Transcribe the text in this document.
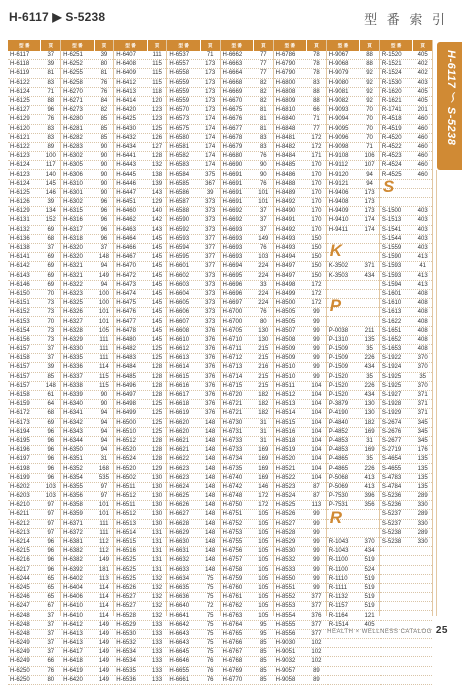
H-6117 ▶ S-5238	型 番 索 引
型 番	頁
H-6117	37
H-6118	39
H-6119	81
H-6122	83
H-6124	71
H-6125	88
H-6127	96
H-6129	76
H-6120	83
H-6121	83
H-6122	89
H-6123	100
H-6124	117
H-6123	140
H-6124	145
H-6125	146
H-6126	39
H-6129	134
H-6131	152
H-6132	69
H-6136	68
H-6138	37
H-6141	69
H-6142	69
H-6143	69
H-6146	69
H-6150	70
H-6151	73
H-6152	73
H-6153	70
H-6154	73
H-6156	73
H-6157	37
H-6158	37
H-6157	39
H-6157	85
H-6157	148
H-6158	61
H-6159	64
H-6172	68
H-6173	69
H-6194	96
H-6195	96
H-6196	96
H-6197	96
H-6198	96
H-6199	96
H-6202	103
H-6203	103
H-6210	97
H-6211	97
H-6212	97
H-6213	97
H-6214	96
H-6215	96
H-6216	96
H-6217	96
H-6244	65
H-6245	65
H-6246	65
H-6247	67
H-6248	37
H-6248	37
H-6248	37
H-6249	37
H-6249	37
H-6249	66
H-6250	76
H-6250	80
型 番	頁
H-6251	39
H-6252	80
H-6255	81
H-6258	76
H-6270	76
H-6271	84
H-6273	82
H-6280	85
H-6281	85
H-6282	85
H-6283	90
H-6302	90
H-6305	90
H-6306	90
H-6310	90
H-6301	90
H-6302	96
H-6315	96
H-6316	96
H-6317	96
H-6318	96
H-6320	37
H-6320	148
H-6321	94
H-6321	149
H-6322	94
H-6323	100
H-6325	100
H-6326	101
H-6327	101
H-6328	105
H-6329	111
H-6330	111
H-6335	111
H-6336	114
H-6337	115
H-6338	115
H-6339	90
H-6340	90
H-6341	94
H-6342	94
H-6343	94
H-6344	94
H-6350	94
H-6351	31
H-6352	168
H-6354	535
H-6355	97
H-6356	97
H-6358	101
H-6359	101
H-6371	111
H-6372	111
H-6381	112
H-6382	112
H-6382	149
H-6392	181
H-6402	113
H-6404	114
H-6406	114
H-6410	114
H-6410	114
H-6412	149
H-6413	149
H-6413	149
H-6417	149
H-6418	149
H-6419	149
H-6420	149
型 番	頁
H-6407	111
H-6408	115
H-6409	115
H-6412	115
H-6413	118
H-6414	120
H-6420	123
H-6425	123
H-6430	125
H-6432	126
H-6434	127
H-6441	128
H-6443	132
H-6445	138
H-6446	139
H-6447	143
H-6451	129
H-6460	140
H-6462	142
H-6463	143
H-6464	145
H-6466	145
H-6467	145
H-6470	145
H-6472	145
H-6473	145
H-6474	145
H-6475	145
H-6476	145
H-6477	145
H-6478	145
H-6480	145
H-6482	125
H-6483	125
H-6484	128
H-6485	128
H-6496	128
H-6497	128
H-6498	125
H-6499	125
H-6500	125
H-6510	125
H-6512	128
H-6520	128
H-6524	128
H-6520	129
H-6502	130
H-6511	130
H-6512	130
H-6511	130
H-6512	130
H-6513	130
H-6514	131
H-6515	131
H-6516	131
H-6525	131
H-6525	131
H-6525	132
H-6526	132
H-6527	132
H-6527	132
H-6528	132
H-6529	133
H-6530	133
H-6532	133
H-6534	133
H-6534	133
H-6535	133
H-6536	133
型 番	頁
H-6537	71
H-6557	173
H-6558	173
H-6559	173
H-6559	173
H-6559	173
H-6570	173
H-6573	174
H-6575	174
H-6580	174
H-6581	174
H-6582	174
H-6583	174
H-6584	375
H-6585	367
H-6586	39
H-6587	373
H-6588	373
H-6590	373
H-6592	373
H-6593	377
H-6594	377
H-6595	377
H-6601	377
H-6602	373
H-6603	373
H-6604	373
H-6605	373
H-6606	373
H-6607	373
H-6608	376
H-6610	376
H-6612	376
H-6613	376
H-6614	376
H-6615	376
H-6616	376
H-6617	376
H-6618	376
H-6619	376
H-6620	148
H-6620	148
H-6621	148
H-6621	148
H-6622	148
H-6623	148
H-6623	148
H-6624	148
H-6625	148
H-6626	148
H-6627	148
H-6628	148
H-6629	148
H-6630	148
H-6631	148
H-6632	148
H-6633	148
H-6634	75
H-6635	75
H-6636	75
H-6640	72
H-6641	75
H-6642	75
H-6643	75
H-6643	75
H-6645	75
H-6646	76
H-6655	76
H-6661	76
型 番	頁
H-6662	77
H-6663	77
H-6664	77
H-6668	82
H-6669	82
H-6670	82
H-6675	81
H-6676	81
H-6677	81
H-6678	83
H-6679	83
H-6680	76
H-6690	90
H-6691	90
H-6691	76
H-6691	101
H-6691	101
H-6692	37
H-6692	37
H-6693	37
H-6693	149
H-6693	76
H-6693	103
H-6694	224
H-6695	224
H-6696	33
H-6696	224
H-6697	224
H-6700	76
H-6700	80
H-6705	130
H-6710	130
H-6711	215
H-6712	215
H-6713	216
H-6714	215
H-6715	215
H-6720	182
H-6721	182
H-6721	182
H-6730	31
H-6731	31
H-6733	31
H-6733	169
H-6734	169
H-6735	169
H-6740	169
H-6742	146
H-6748	172
H-6750	172
H-6751	105
H-6752	105
H-6753	105
H-6755	105
H-6756	105
H-6757	105
H-6758	105
H-6759	105
H-6760	105
H-6761	105
H-6762	105
H-6763	105
H-6764	95
H-6765	95
H-6766	85
H-6767	85
H-6768	85
H-6769	85
H-6770	85
型 番	頁
H-6786	78
H-6790	78
H-6790	78
H-6800	83
H-6808	88
H-6809	88
H-6810	66
H-6840	71
H-6848	77
H-8481	172
H-8482	172
H-8484	171
H-8485	170
H-8486	170
H-8488	170
H-8489	170
H-8492	170
H-8490	170
H-8491	170
H-8492	170
H-8493	150
H-8493	150
H-8494	150
H-8497	150
H-8497	150
H-8498	172
H-8499	172
H-8500	172
H-8505	99
H-8505	99
H-8507	99
H-8508	99
H-8509	99
H-8509	99
H-8510	99
H-8510	99
H-8511	104
H-8512	104
H-8513	104
H-8514	104
H-8515	104
H-8516	104
H-8518	104
H-8519	104
H-8520	104
H-8521	104
H-8522	104
H-8523	87
H-8524	87
H-8525	113
H-8526	99
H-8527	99
H-8528	99
H-8529	99
H-8530	99
H-8532	99
H-8533	99
H-8550	99
H-8551	99
H-8552	377
H-8553	377
H-8554	376
H-8555	377
H-8556	377
H-9030	102
H-9051	102
H-9032	102
H-9057	89
H-9058	89
型 番	頁
H-9067	88
H-9068	88
H-9079	92
H-9080	92
H-9081	92
H-9082	92
H-9093	70
H-9094	70
H-9095	70
H-9096	70
H-9098	71
H-9108	106
H-9112	107
H-9120	94
H-9121	94
H-9406	173
H-9408	173
H-9409	173
H-9410	174
H-9411	174
K-3502	371
K-3503	434
P-0038	211
P-1310	135
P-1509	35
P-1509	226
P-1509	434
P-1520	35
P-1520	226
P-1520	434
P-3879	130
P-4190	130
P-4840	182
P-4852	169
P-4853	31
P-4853	169
P-4865	35
P-4865	226
P-5068	413
P-5069	413
P-7530	396
P-7531	356
R-1043	370
R-1043	434
R-1100	519
R-1100	524
R-1110	519
R-1111	519
R-1132	519
R-1157	519
R-1164	121
R-1514	405
型 番	頁
R-1520	405
R-1521	402
R-1524	402
R-1530	403
R-1620	405
R-1621	405
R-1741	201
R-4518	460
R-4519	460
R-4520	460
R-4522	460
R-4523	460
R-4524	460
R-4525	460
S-1500	403
S-1513	403
S-1541	403
S-1544	403
S-1559	403
S-1590	413
S-1593	41
S-1593	413
S-1594	413
S-1601	408
S-1610	408
S-1613	408
S-1622	408
S-1651	408
S-1652	408
S-1653	408
S-1922	370
S-1924	370
S-1925	35
S-1925	370
S-1927	371
S-1928	371
S-1929	371
S-2674	345
S-2676	345
S-2677	345
S-2719	176
S-4654	135
S-4655	135
S-4783	135
S-4784	135
S-5236	289
S-5236	330
S-5237	289
S-5237	330
S-5238	289
S-5238	330
K
P
R
S
H-6117 〜 S-5238
HEALTH × WELLNESS CATALOG 25
